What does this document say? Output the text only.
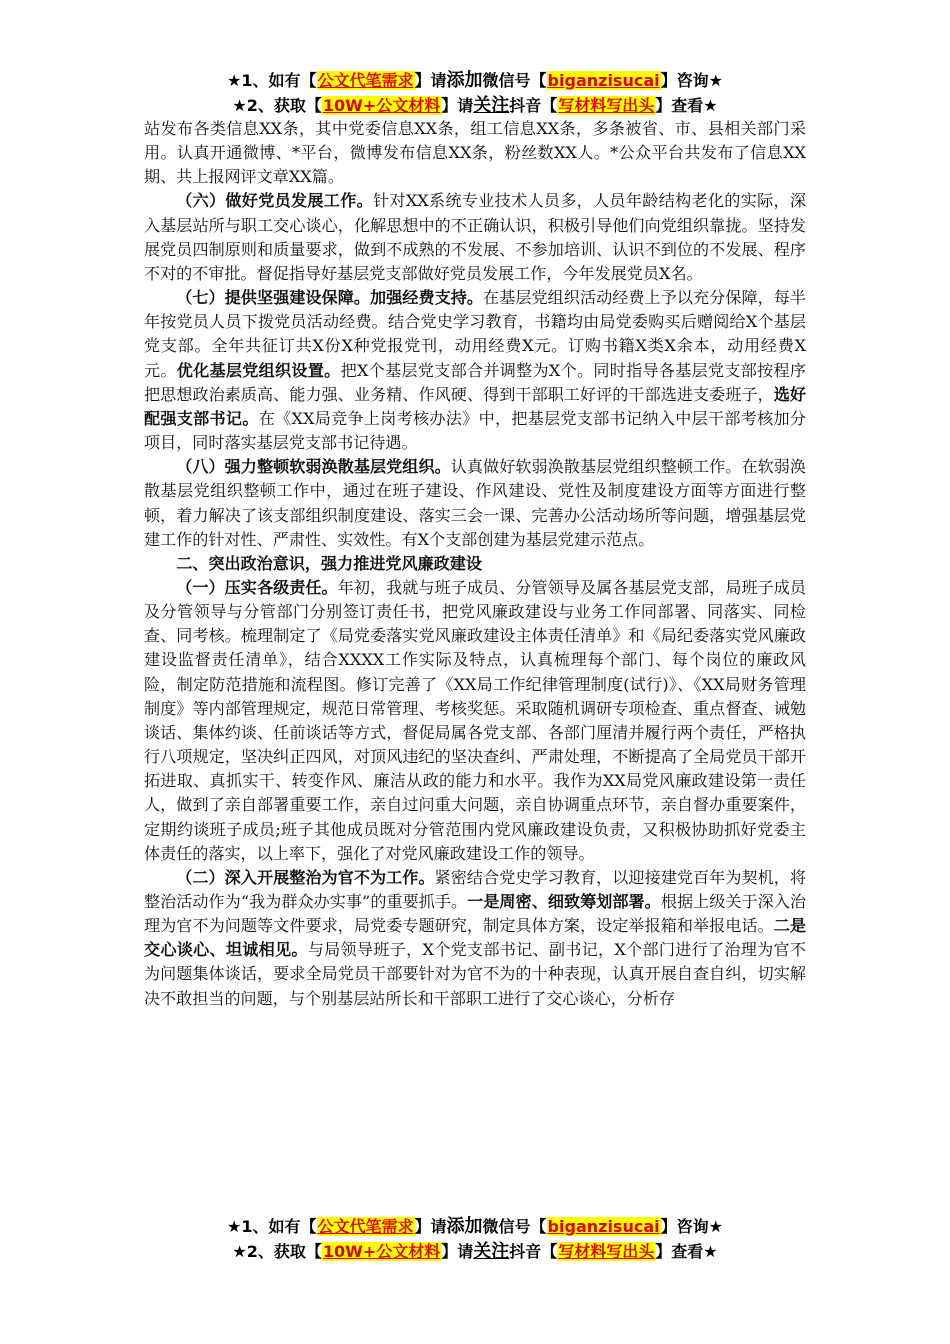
★1、如有【公文代笔需求】请添加微信号【biganzisucai】咨询★
★2、获取【10W+公文材料】请关注抖音【写材料写出头】查看★

站发布各类信息XX条，其中党委信息XX条，组工信息XX条，多条被省、市、县相关部门采用。认真开通微博、*平台，微博发布信息XX条，粉丝数XX人。*公众平台共发布了信息XX期、共上报网评文章XX篇。

（六）做好党员发展工作。针对XX系统专业技术人员多，人员年龄结构老化的实际，深入基层站所与职工交心谈心，化解思想中的不正确认识，积极引导他们向党组织靠拢。坚持发展党员四制原则和质量要求，做到不成熟的不发展、不参加培训、认识不到位的不发展、程序不对的不审批。督促指导好基层党支部做好党员发展工作，今年发展党员X名。

（七）提供坚强建设保障。加强经费支持。在基层党组织活动经费上予以充分保障，每半年按党员人员下拨党员活动经费。结合党史学习教育，书籍均由局党委购买后赠阅给X个基层党支部。全年共征订共X份X种党报党刊，动用经费X元。订购书籍X类X余本，动用经费X元。优化基层党组织设置。把X个基层党支部合并调整为X个。同时指导各基层党支部按程序把思想政治素质高、能力强、业务精、作风硬、得到干部职工好评的干部选进支委班子，选好配强支部书记。在《XX局竞争上岗考核办法》中，把基层党支部书记纳入中层干部考核加分项目，同时落实基层党支部书记待遇。

（八）强力整顿软弱涣散基层党组织。认真做好软弱涣散基层党组织整顿工作。在软弱涣散基层党组织整顿工作中，通过在班子建设、作风建设、党性及制度建设方面等方面进行整顿，着力解决了该支部组织制度建设、落实三会一课、完善办公活动场所等问题，增强基层党建工作的针对性、严肃性、实效性。有X个支部创建为基层党建示范点。

二、突出政治意识，强力推进党风廉政建设

（一）压实各级责任。年初，我就与班子成员、分管领导及属各基层党支部，局班子成员及分管领导与分管部门分别签订责任书，把党风廉政建设与业务工作同部署、同落实、同检查、同考核。梳理制定了《局党委落实党风廉政建设主体责任清单》和《局纪委落实党风廉政建设监督责任清单》，结合XXXX工作实际及特点，认真梳理每个部门、每个岗位的廉政风险，制定防范措施和流程图。修订完善了《XX局工作纪律管理制度(试行)》、《XX局财务管理制度》等内部管理规定，规范日常管理、考核奖惩。采取随机调研专项检查、重点督查、诫勉谈话、集体约谈、任前谈话等方式，督促局属各党支部、各部门厘清并履行两个责任，严格执行八项规定，坚决纠正四风，对顶风违纪的坚决查纠、严肃处理，不断提高了全局党员干部开拓进取、真抓实干、转变作风、廉洁从政的能力和水平。我作为XX局党风廉政建设第一责任人，做到了亲自部署重要工作，亲自过问重大问题，亲自协调重点环节，亲自督办重要案件，定期约谈班子成员;班子其他成员既对分管范围内党风廉政建设负责，又积极协助抓好党委主体责任的落实，以上率下，强化了对党风廉政建设工作的领导。

（二）深入开展整治为官不为工作。紧密结合党史学习教育，以迎接建党百年为契机，将整治活动作为“我为群众办实事”的重要抓手。一是周密、细致筹划部署。根据上级关于深入治理为官不为问题等文件要求，局党委专题研究，制定具体方案，设定举报箱和举报电话。二是交心谈心、坦诚相见。与局领导班子，X个党支部书记、副书记，X个部门进行了治理为官不为问题集体谈话，要求全局党员干部要针对为官不为的十种表现，认真开展自查自纠，切实解决不敢担当的问题，与个别基层站所长和干部职工进行了交心谈心，分析存

★1、如有【公文代笔需求】请添加微信号【biganzisucai】咨询★
★2、获取【10W+公文材料】请关注抖音【写材料写出头】查看★
